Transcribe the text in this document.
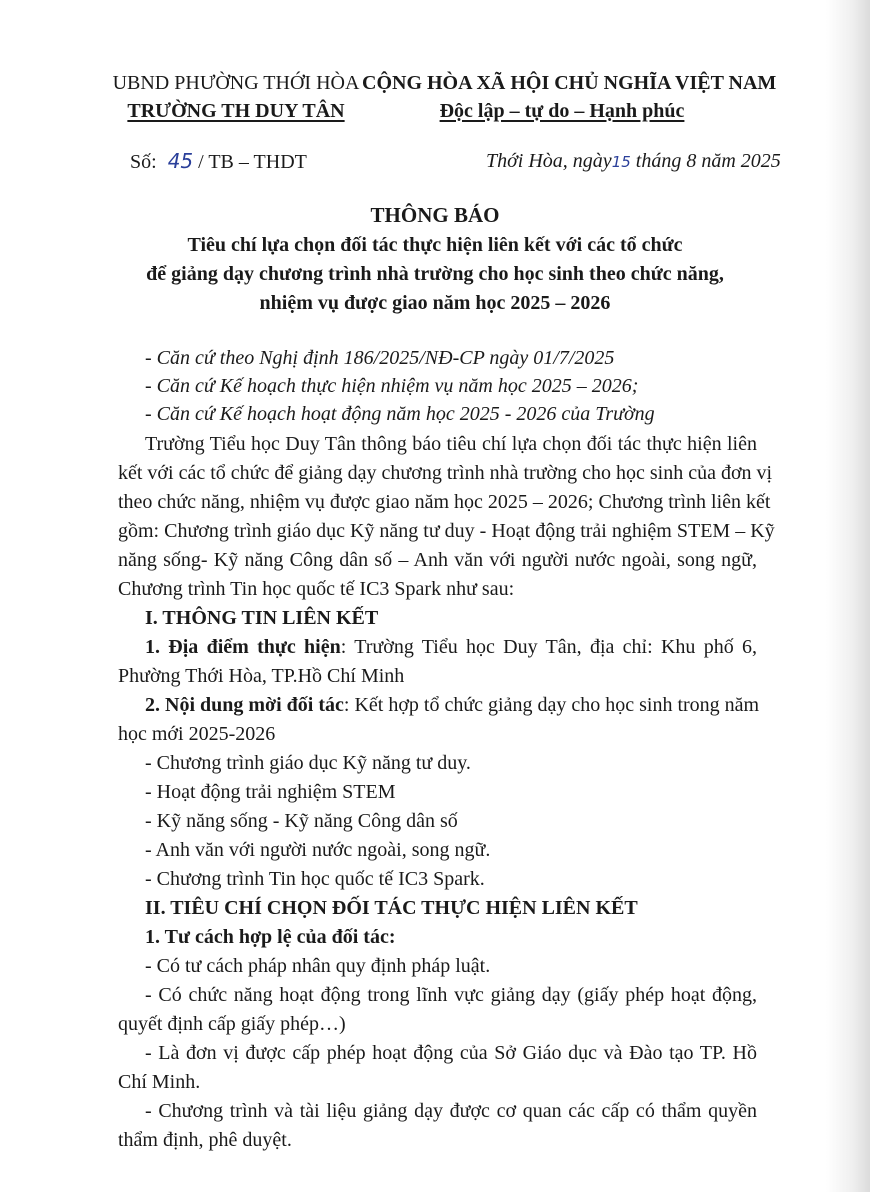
UBND PHƯỜNG THỚI HÒA
TRƯỜNG TH DUY TÂN
CỘNG HÒA XÃ HỘI CHỦ NGHĨA VIỆT NAM
Độc lập – tự do – Hạnh phúc
Số: 45 / TB – THDT	Thới Hòa, ngày15 tháng 8 năm 2025
THÔNG BÁO
Tiêu chí lựa chọn đối tác thực hiện liên kết với các tổ chức
để giảng dạy chương trình nhà trường cho học sinh theo chức năng,
nhiệm vụ được giao năm học 2025 – 2026
- Căn cứ theo Nghị định 186/2025/NĐ-CP ngày 01/7/2025
- Căn cứ Kế hoạch thực hiện nhiệm vụ năm học 2025 – 2026;
- Căn cứ Kế hoạch hoạt động năm học 2025 - 2026 của Trường
Trường Tiểu học Duy Tân thông báo tiêu chí lựa chọn đối tác thực hiện liên
kết với các tổ chức để giảng dạy chương trình nhà trường cho học sinh của đơn vị
theo chức năng, nhiệm vụ được giao năm học 2025 – 2026; Chương trình liên kết
gồm: Chương trình giáo dục Kỹ năng tư duy - Hoạt động trải nghiệm STEM – Kỹ
năng sống- Kỹ năng Công dân số – Anh văn với người nước ngoài, song ngữ,
Chương trình Tin học quốc tế IC3 Spark như sau:
I. THÔNG TIN LIÊN KẾT
1. Địa điểm thực hiện: Trường Tiểu học Duy Tân, địa chỉ: Khu phố 6,
Phường Thới Hòa, TP.Hồ Chí Minh
2. Nội dung mời đối tác: Kết hợp tổ chức giảng dạy cho học sinh trong năm
học mới 2025-2026
- Chương trình giáo dục Kỹ năng tư duy.
- Hoạt động trải nghiệm STEM
- Kỹ năng sống - Kỹ năng Công dân số
- Anh văn với người nước ngoài, song ngữ.
- Chương trình Tin học quốc tế IC3 Spark.
II. TIÊU CHÍ CHỌN ĐỐI TÁC THỰC HIỆN LIÊN KẾT
1. Tư cách hợp lệ của đối tác:
- Có tư cách pháp nhân quy định pháp luật.
- Có chức năng hoạt động trong lĩnh vực giảng dạy (giấy phép hoạt động,
quyết định cấp giấy phép…)
- Là đơn vị được cấp phép hoạt động của Sở Giáo dục và Đào tạo TP. Hồ
Chí Minh.
- Chương trình và tài liệu giảng dạy được cơ quan các cấp có thẩm quyền
thẩm định, phê duyệt.
